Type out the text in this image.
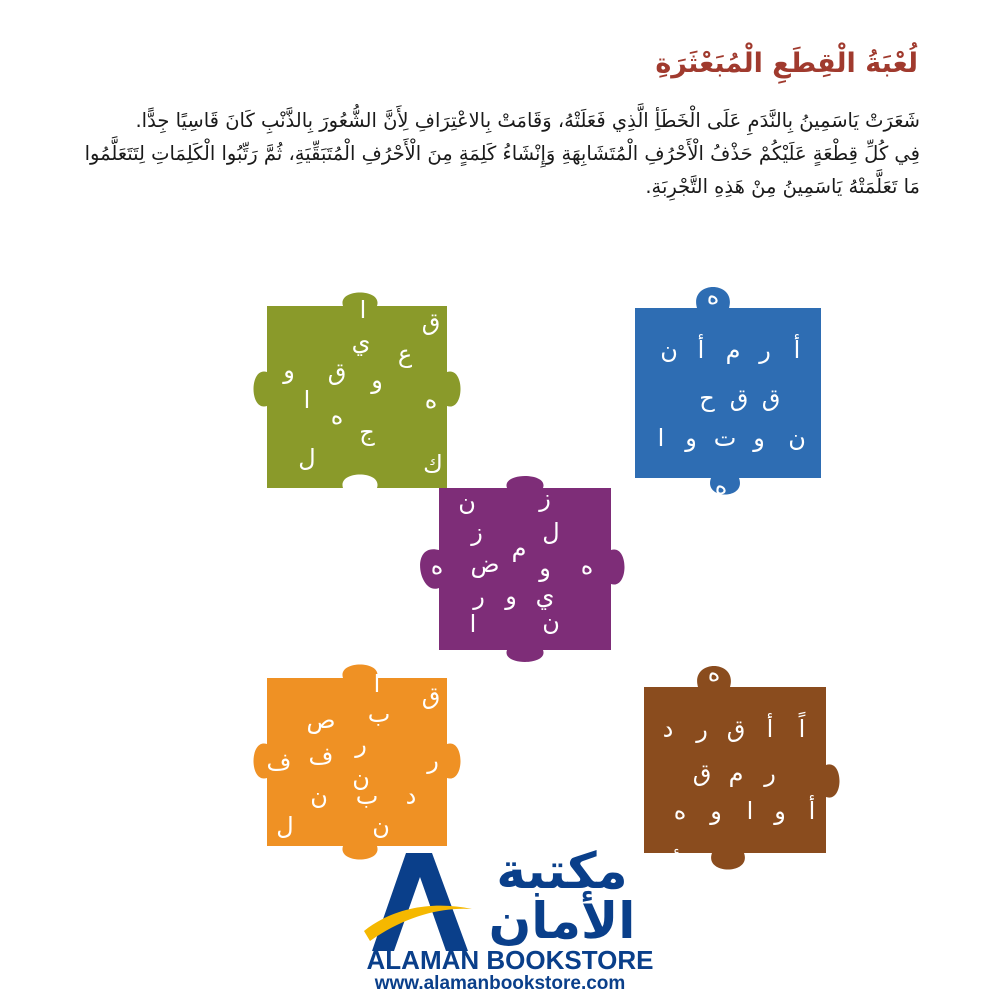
لُعْبَةُ الْقِطَعِ الْمُبَعْثَرَةِ

شَعَرَتْ يَاسَمِينُ بِالنَّدَمِ عَلَى الْخَطَأِ الَّذِي فَعَلَتْهُ، وَقَامَتْ بِالاعْتِرَافِ لِأَنَّ الشُّعُورَ بِالذَّنْبِ كَانَ قَاسِيًا جِدًّا.

فِي كُلِّ قِطْعَةٍ عَلَيْكُمْ حَذْفُ الْأَحْرُفِ الْمُتَشَابِهَةِ وَإِنْشَاءُ كَلِمَةٍ مِنَ الْأَحْرُفِ الْمُتَبَقِّيَةِ، ثُمَّ رَتِّبُوا الْكَلِمَاتِ لِتَتَعَلَّمُوا مَا تَعَلَّمَتْهُ يَاسَمِينُ مِنْ هَذِهِ التَّجْرِبَةِ.

ا	ق
ي	ع
و	ق	و
ا	ه
ه
ج
ل	ك
ه
أ
ر
م
أ
ن
ق
ق
ح
ن
و
ت
و
ا
ه
ز
ن
ل
ز
م
ه
و
ض
ه
ي
و
ر
ن
ا
ا	ق
ب
ص
ر
ف	ر
ف
ن
د
ب
ن
ن
ل
ه
د ر ق أ	اً
ق م ر
ه و	ا و أ
ئ
مكتبة
الأمان
ALAMAN BOOKSTORE
www.alamanbookstore.com
